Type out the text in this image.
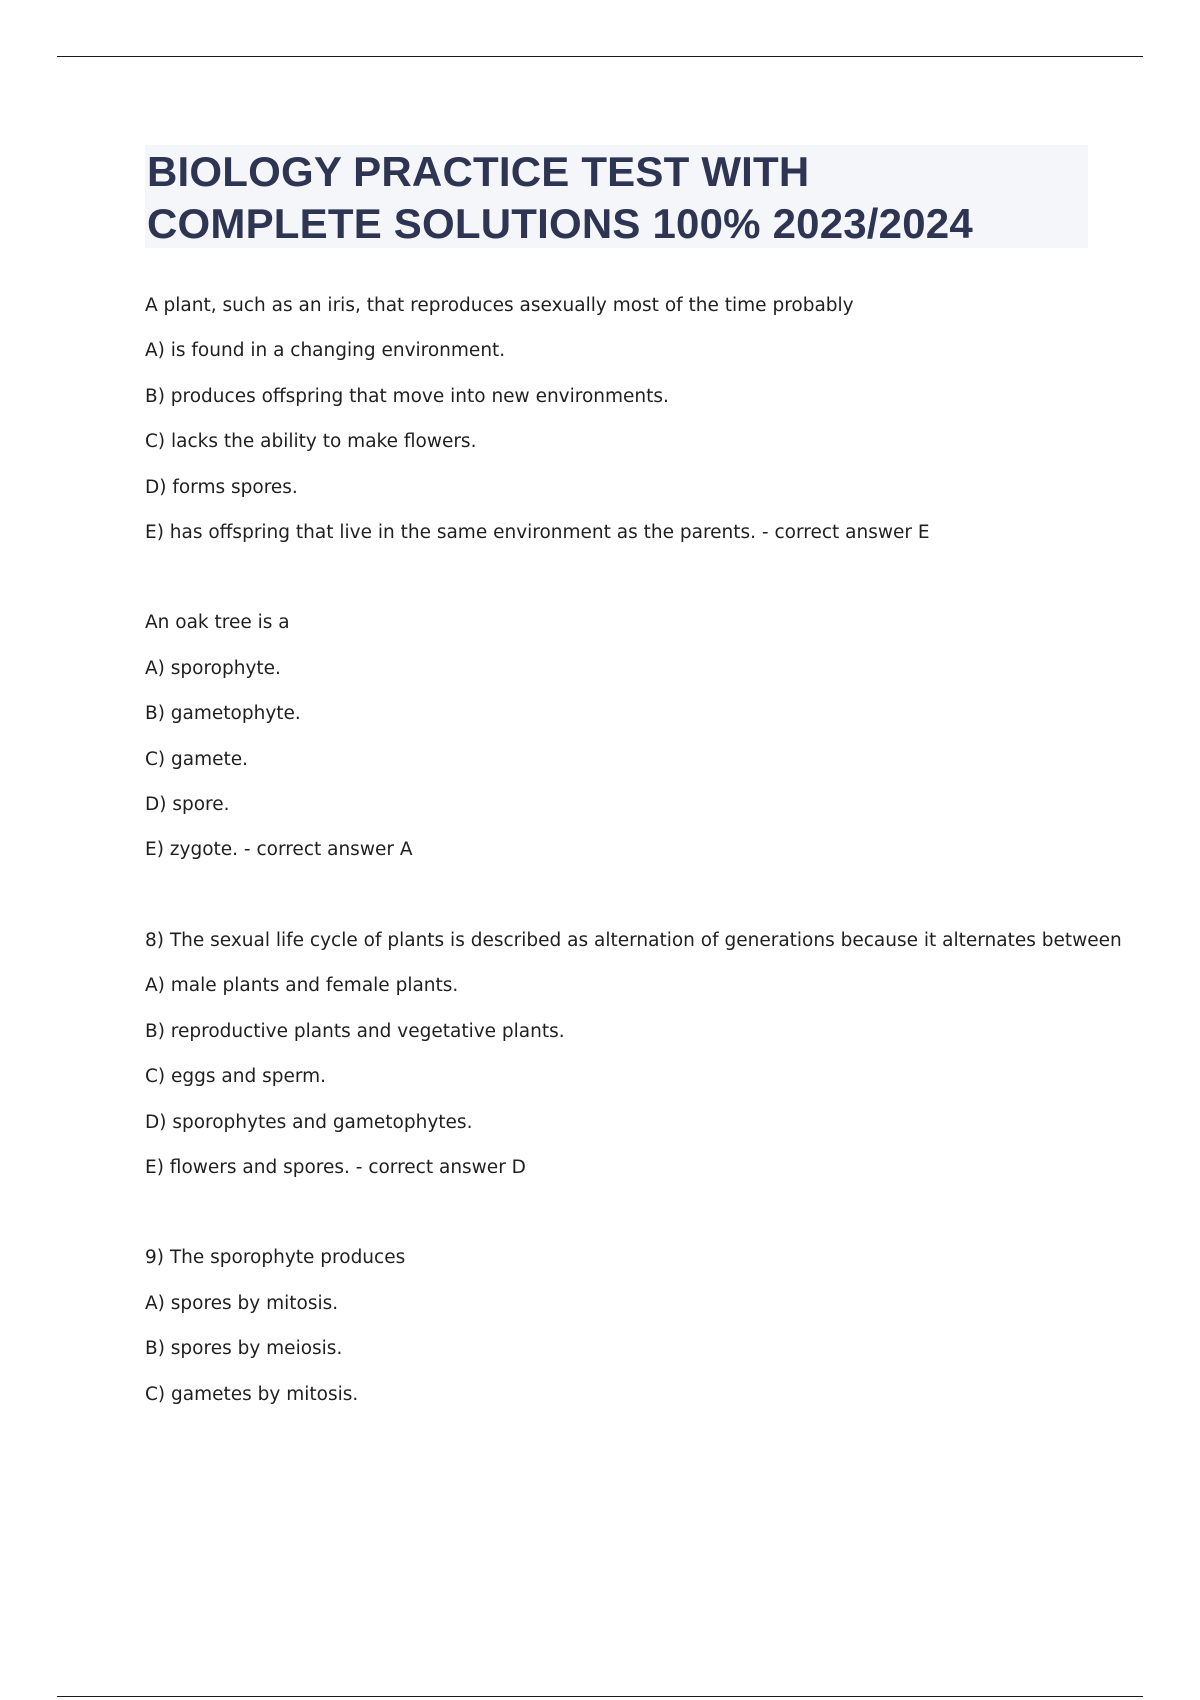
BIOLOGY PRACTICE TEST WITH
COMPLETE SOLUTIONS 100% 2023/2024
A plant, such as an iris, that reproduces asexually most of the time probably
A) is found in a changing environment.
B) produces offspring that move into new environments.
C) lacks the ability to make flowers.
D) forms spores.
E) has offspring that live in the same environment as the parents. - correct answer E
An oak tree is a
A) sporophyte.
B) gametophyte.
C) gamete.
D) spore.
E) zygote. - correct answer A
8) The sexual life cycle of plants is described as alternation of generations because it alternates between
A) male plants and female plants.
B) reproductive plants and vegetative plants.
C) eggs and sperm.
D) sporophytes and gametophytes.
E) flowers and spores. - correct answer D
9) The sporophyte produces
A) spores by mitosis.
B) spores by meiosis.
C) gametes by mitosis.
